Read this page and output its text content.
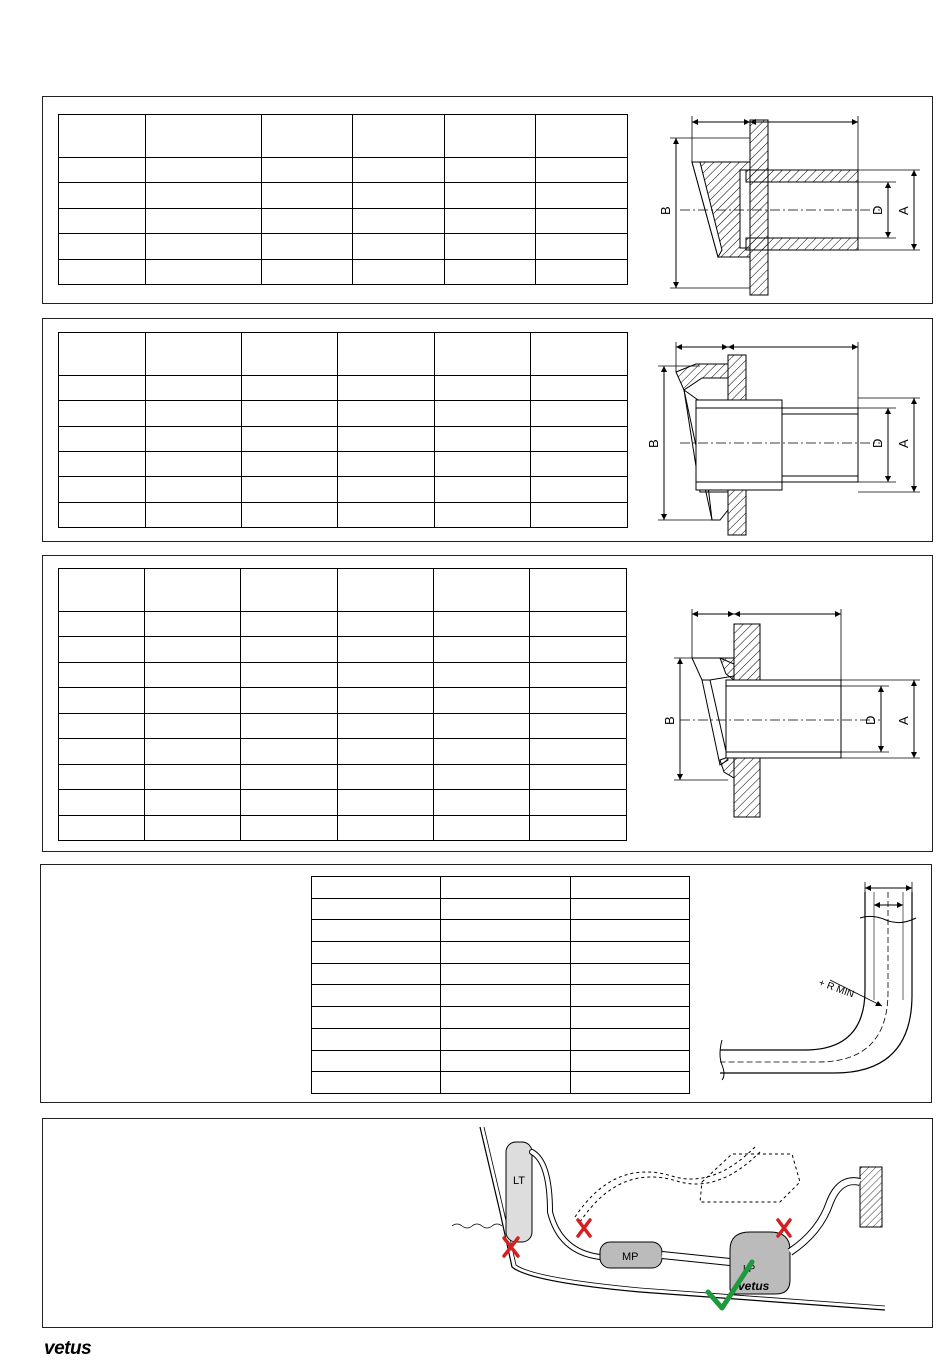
B	D A

B	D A

B	D A

+ R MIN
LT
MP
LP
vetus
vetus
